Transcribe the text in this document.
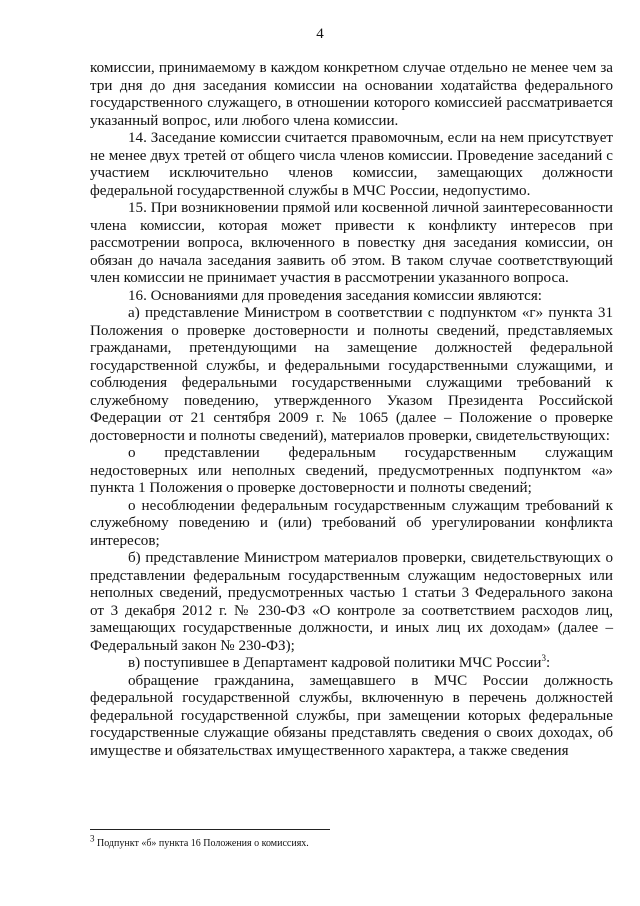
4

комиссии, принимаемому в каждом конкретном случае отдельно не менее чем за три дня до дня заседания комиссии на основании ходатайства федерального государственного служащего, в отношении которого комиссией рассматривается указанный вопрос, или любого члена комиссии.

14. Заседание комиссии считается правомочным, если на нем присутствует не менее двух третей от общего числа членов комиссии. Проведение заседаний с участием исключительно членов комиссии, замещающих должности федеральной государственной службы в МЧС России, недопустимо.

15. При возникновении прямой или косвенной личной заинтересованности члена комиссии, которая может привести к конфликту интересов при рассмотрении вопроса, включенного в повестку дня заседания комиссии, он обязан до начала заседания заявить об этом. В таком случае соответствующий член комиссии не принимает участия в рассмотрении указанного вопроса.

16. Основаниями для проведения заседания комиссии являются:

а) представление Министром в соответствии с подпунктом «г» пункта 31 Положения о проверке достоверности и полноты сведений, представляемых гражданами, претендующими на замещение должностей федеральной государственной службы, и федеральными государственными служащими, и соблюдения федеральными государственными служащими требований к служебному поведению, утвержденного Указом Президента Российской Федерации от 21 сентября 2009 г. № 1065 (далее – Положение о проверке достоверности и полноты сведений), материалов проверки, свидетельствующих:

о представлении федеральным государственным служащим недостоверных или неполных сведений, предусмотренных подпунктом «а» пункта 1 Положения о проверке достоверности и полноты сведений;

о несоблюдении федеральным государственным служащим требований к служебному поведению и (или) требований об урегулировании конфликта интересов;

б) представление Министром материалов проверки, свидетельствующих о представлении федеральным государственным служащим недостоверных или неполных сведений, предусмотренных частью 1 статьи 3 Федерального закона от 3 декабря 2012 г. № 230-ФЗ «О контроле за соответствием расходов лиц, замещающих государственные должности, и иных лиц их доходам» (далее – Федеральный закон № 230-ФЗ);

в) поступившее в Департамент кадровой политики МЧС России$^3$:

обращение гражданина, замещавшего в МЧС России должность федеральной государственной службы, включенную в перечень должностей федеральной государственной службы, при замещении которых федеральные государственные служащие обязаны представлять сведения о своих доходах, об имуществе и обязательствах имущественного характера, а также сведения

$^3$ Подпункт «б» пункта 16 Положения о комиссиях.
